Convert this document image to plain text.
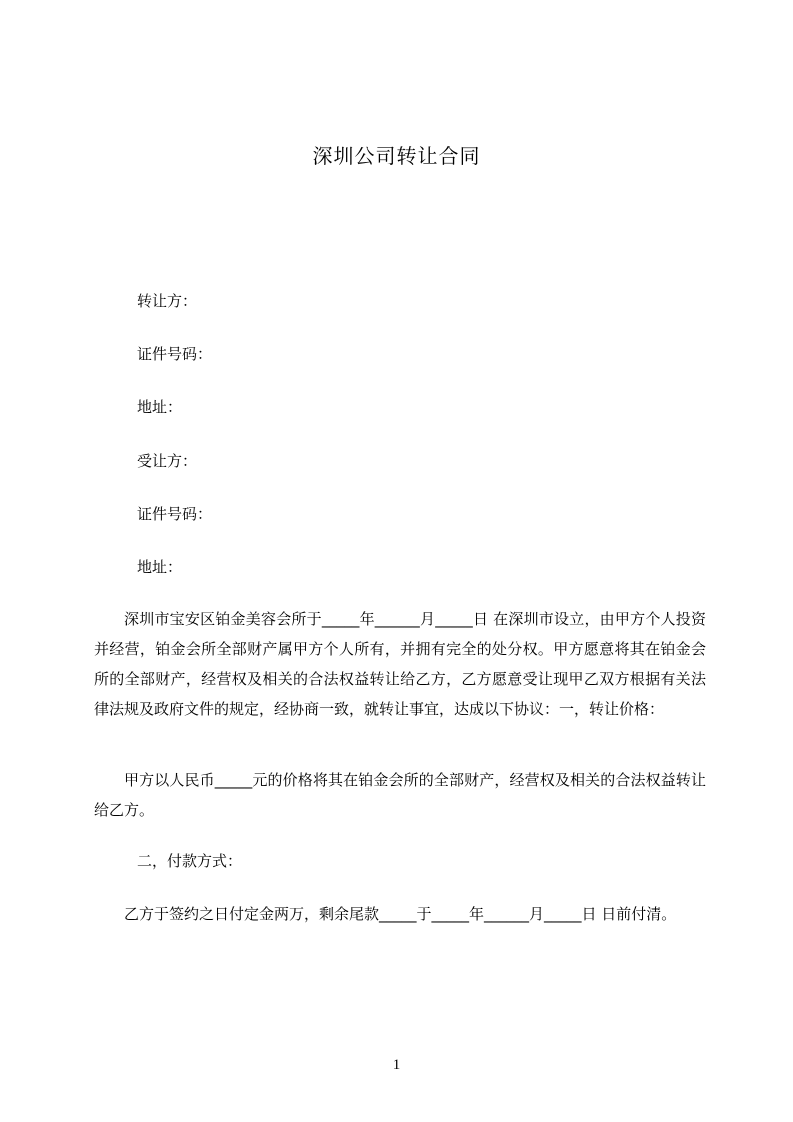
深圳公司转让合同
转让方：
证件号码：
地址：
受让方：
证件号码：
地址：
深圳市宝安区铂金美容会所于_____年______月_____日 在深圳市设立，由甲方个人投资并经营，铂金会所全部财产属甲方个人所有，并拥有完全的处分权。甲方愿意将其在铂金会所的全部财产，经营权及相关的合法权益转让给乙方，乙方愿意受让现甲乙双方根据有关法律法规及政府文件的规定，经协商一致，就转让事宜，达成以下协议：一，转让价格：
甲方以人民币_____元的价格将其在铂金会所的全部财产，经营权及相关的合法权益转让给乙方。
二，付款方式：
乙方于签约之日付定金两万，剩余尾款_____于_____年______月_____日 日前付清。
1
